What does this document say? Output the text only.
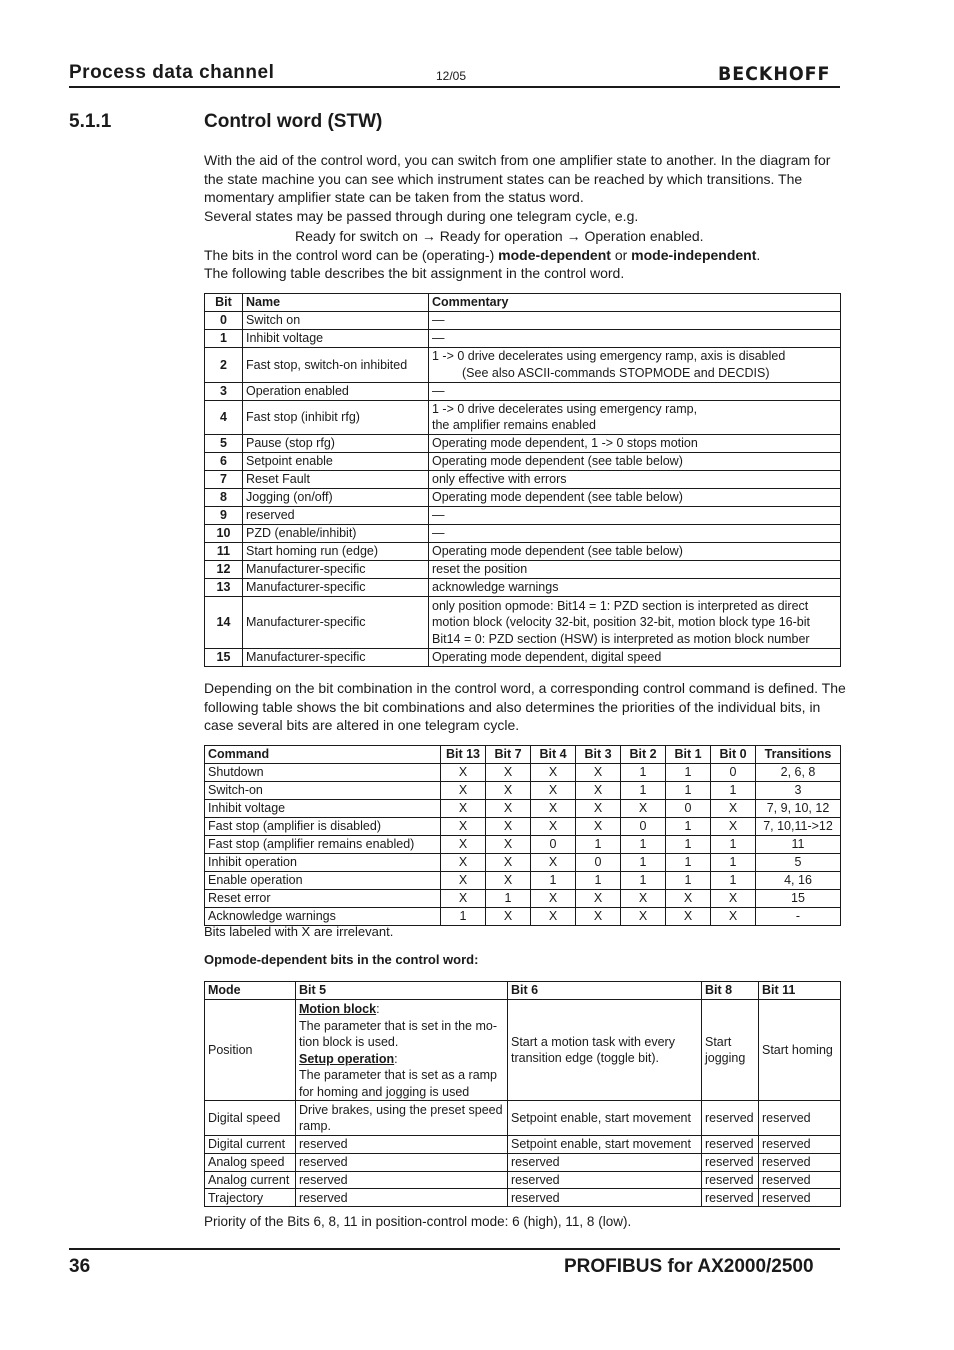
Process data channel	12/05	BECKHOFF
5.1.1	Control word (STW)

With the aid of the control word, you can switch from one amplifier state to another. In the diagram for the state machine you can see which instrument states can be reached by which transitions. The momentary amplifier state can be taken from the status word.

Several states may be passed through during one telegram cycle, e.g.

Ready for switch on → Ready for operation → Operation enabled.

The bits in the control word can be (operating-) mode-dependent or mode-independent.

The following table describes the bit assignment in the control word.

Bit	Name	Commentary
0	Switch on	—

1	Inhibit voltage	—

2	Fast stop, switch-on inhibited	1 -> 0 drive decelerates using emergency ramp, axis is disabled
(See also ASCII-commands STOPMODE and DECDIS)

3	Operation enabled	—

4	Fast stop (inhibit rfg)	1 -> 0 drive decelerates using emergency ramp,
the amplifier remains enabled

5	Pause (stop rfg)	Operating mode dependent, 1 -> 0 stops motion

6	Setpoint enable	Operating mode dependent (see table below)

7	Reset Fault	only effective with errors

8	Jogging (on/off)	Operating mode dependent (see table below)

9	reserved	—

10	PZD (enable/inhibit)	—

11	Start homing run (edge)	Operating mode dependent (see table below)

12	Manufacturer-specific	reset the position

13	Manufacturer-specific	acknowledge warnings

14	Manufacturer-specific	only position opmode: Bit14 = 1: PZD section is interpreted as direct
motion block (velocity 32-bit, position 32-bit, motion block type 16-bit
Bit14 = 0: PZD section (HSW) is interpreted as motion block number

15	Manufacturer-specific	Operating mode dependent, digital speed
Depending on the bit combination in the control word, a corresponding control command is defined. The following table shows the bit combinations and also determines the priorities of the individual bits, in case several bits are altered in one telegram cycle.
Command	Bit 13	Bit 7	Bit 4	Bit 3	Bit 2	Bit 1	Bit 0	Transitions
Shutdown	X	X	X	X	1	1	0	2, 6, 8
Switch-on	X	X	X	X	1	1	1	3
Inhibit voltage	X	X	X	X	X	0	X	7, 9, 10, 12
Fast stop (amplifier is disabled)	X	X	X	X	0	1	X	7, 10,11->12
Fast stop (amplifier remains enabled)	X	X	0	1	1	1	1	11
Inhibit operation	X	X	X	0	1	1	1	5
Enable operation	X	X	1	1	1	1	1	4, 16
Reset error	X	1	X	X	X	X	X	15
Acknowledge warnings	1	X	X	X	X	X	X	-
Bits labeled with X are irrelevant.
Opmode-dependent bits in the control word:
Mode	Bit 5	Bit 6	Bit 8	Bit 11
Position	Motion block:
The parameter that is set in the mo-tion block is used.
Setup operation:
The parameter that is set as a ramp for homing and jogging is used	Start a motion task with every transition edge (toggle bit).	Start jogging	Start homing
Digital speed	Drive brakes, using the preset speed ramp.	Setpoint enable, start movement	reserved	reserved
Digital current	reserved	Setpoint enable, start movement	reserved	reserved
Analog speed	reserved	reserved	reserved	reserved
Analog current	reserved	reserved	reserved	reserved
Trajectory	reserved	reserved	reserved	reserved
Priority of the Bits 6, 8, 11 in position-control mode: 6 (high), 11, 8 (low).
36	PROFIBUS for AX2000/2500
